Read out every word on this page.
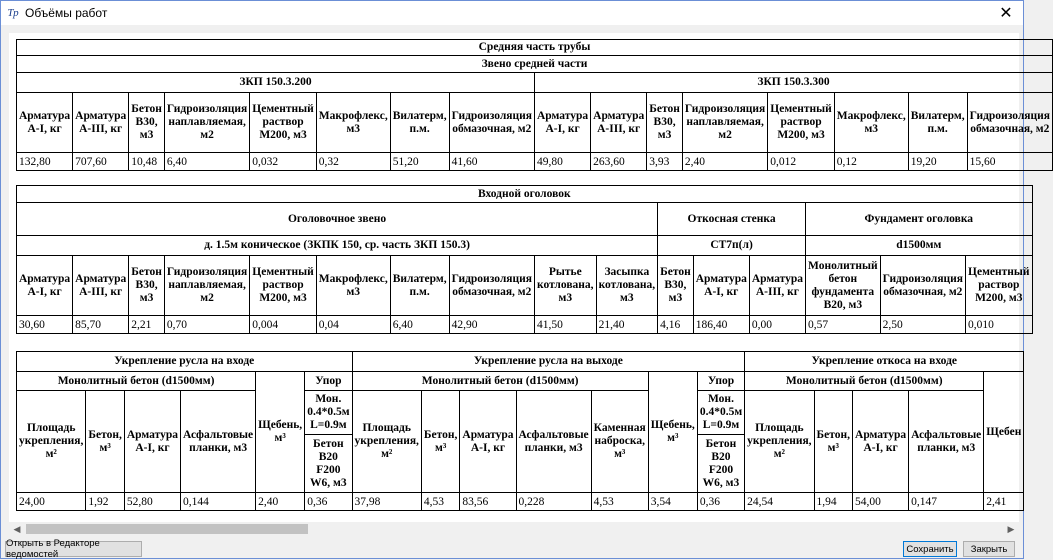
Тр Объёмы работ	✕
Средняя часть трубы															
Звено средней части															
ЗКП 150.3.200								ЗКП 150.3.300							
Арматура А-I, кг	Арматура А-III, кг	Бетон В30, м3	Гидроизоляция наплавляемая, м2	Цементный раствор М200, м3	Макрофлекс, м3	Вилатерм, п.м.	Гидроизоляция обмазочная, м2	Арматура А-I, кг	Арматура А-III, кг	Бетон В30, м3	Гидроизоляция наплавляемая, м2	Цементный раствор М200, м3	Макрофлекс, м3	Вилатерм, п.м.	Гидроизоляция обмазочная, м2
132,80	707,60	10,48	6,40	0,032	0,32	51,20	41,60	49,80	263,60	3,93	2,40	0,012	0,12	19,20	15,60
Входной оголовок															
Оголовочное звено										Откосная стенка			Фундамент оголовка		
д. 1.5м коническое (ЗКПК 150, ср. часть ЗКП 150.3)										СТ7п(л)			d1500мм		
Арматура А-I, кг	Арматура А-III, кг	Бетон В30, м3	Гидроизоляция наплавляемая, м2	Цементный раствор М200, м3	Макрофлекс, м3	Вилатерм, п.м.	Гидроизоляция обмазочная, м2	Рытье котлована, м3	Засыпка котлована, м3	Бетон В30, м3	Арматура А-I, кг	Арматура А-III, кг	Монолитный бетон фундамента В20, м3	Гидроизоляция обмазочная, м2	Цементный раствор М200, м3
30,60	85,70	2,21	0,70	0,004	0,04	6,40	42,90	41,50	21,40	4,16	186,40	0,00	0,57	2,50	0,010
Укрепление русла на входе						Укрепление русла на выходе							Укрепление откоса на входе				
Монолитный бетон (d1500мм)				Щебень, м³	Упор	Монолитный бетон (d1500мм)					Щебень, м³	Упор	Монолитный бетон (d1500мм)				Щебен
Площадь укрепления, м²	Бетон, м³	Арматура А-I, кг	Асфальтовые планки, м3		Мон. 0.4*0.5м L=0.9м	Площадь укрепления, м²	Бетон, м³	Арматура А-I, кг	Асфальтовые планки, м3	Каменная наброска, м³		Мон. 0.4*0.5м L=0.9м	Площадь укрепления, м²	Бетон, м³	Арматура А-I, кг	Асфальтовые планки, м3	
					Бетон В20 F200 W6, м3							Бетон В20 F200 W6, м3					
24,00	1,92	52,80	0,144	2,40	0,36	37,98	4,53	83,56	0,228	4,53	3,54	0,36	24,54	1,94	54,00	0,147	2,41
◀	▶
Открыть в Редакторе ведомостей	Сохранить	Закрыть
